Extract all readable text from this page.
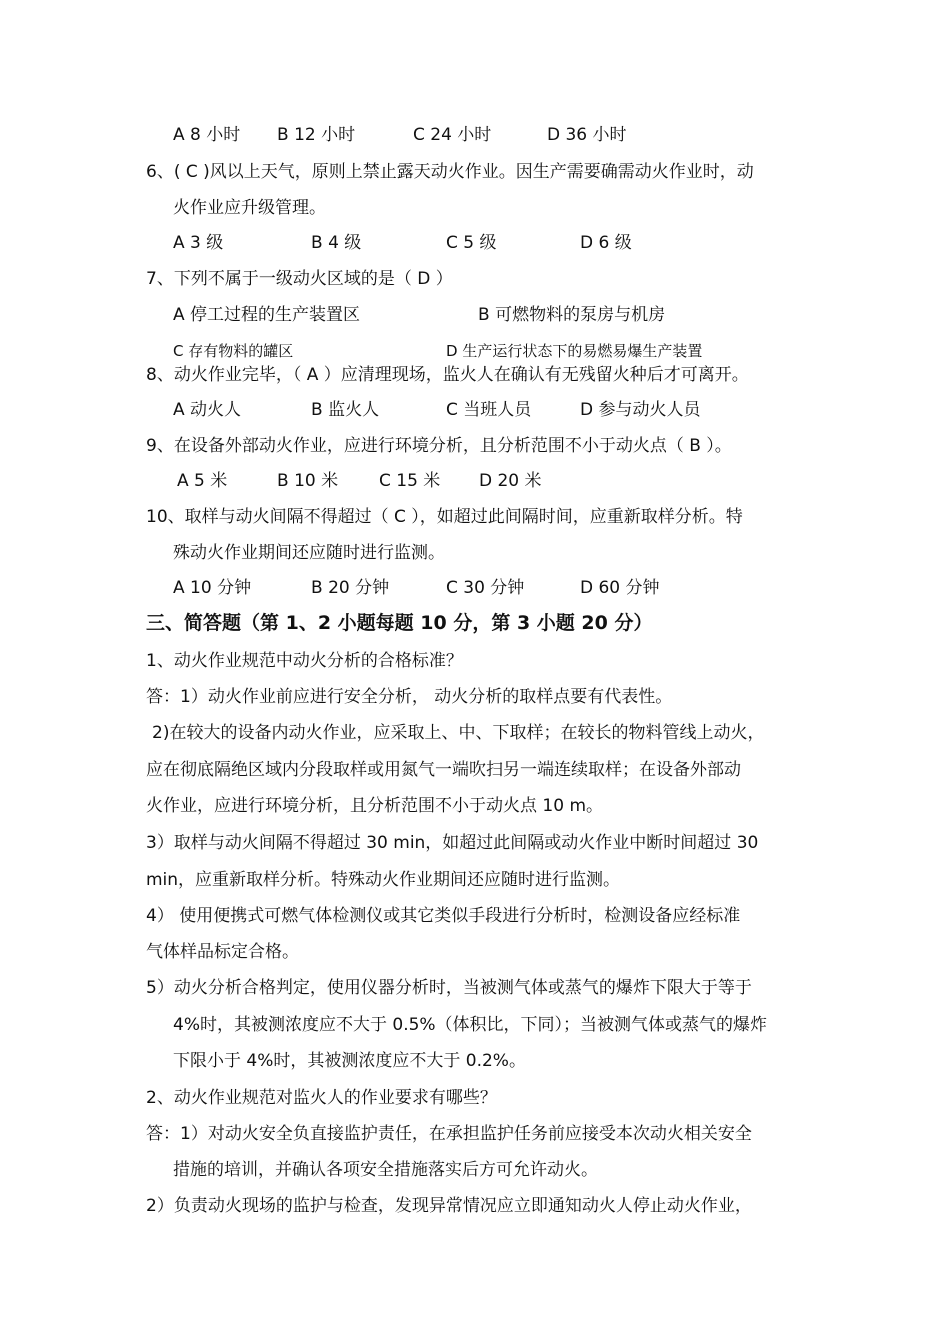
A 8 小时 B 12 小时	C 24 小时	D 36 小时
6、( C )风以上天气，原则上禁止露天动火作业。因生产需要确需动火作业时，动
火作业应升级管理。
A 3 级	B 4 级	C 5 级	D 6 级
7、下列不属于一级动火区域的是（ D ）
A 停工过程的生产装置区	B 可燃物料的泵房与机房
C 存有物料的罐区	D 生产运行状态下的易燃易爆生产装置
8、动火作业完毕，（ A ）应清理现场，监火人在确认有无残留火种后才可离开。
A 动火人	B 监火人	C 当班人员	D 参与动火人员
9、在设备外部动火作业，应进行环境分析，且分析范围不小于动火点（ B ）。
A 5 米	B 10 米 C 15 米 D 20 米
10、取样与动火间隔不得超过（ C ），如超过此间隔时间，应重新取样分析。特
殊动火作业期间还应随时进行监测。
A 10 分钟	B 20 分钟	C 30 分钟	D 60 分钟
三、简答题（第 1、2 小题每题 10 分，第 3 小题 20 分）
1、动火作业规范中动火分析的合格标准？
答：1）动火作业前应进行安全分析， 动火分析的取样点要有代表性。
2)在较大的设备内动火作业，应采取上、中、下取样；在较长的物料管线上动火，
应在彻底隔绝区域内分段取样或用氮气一端吹扫另一端连续取样；在设备外部动
火作业，应进行环境分析，且分析范围不小于动火点 10 m。
3）取样与动火间隔不得超过 30 min，如超过此间隔或动火作业中断时间超过 30
min，应重新取样分析。特殊动火作业期间还应随时进行监测。
4） 使用便携式可燃气体检测仪或其它类似手段进行分析时，检测设备应经标准
气体样品标定合格。
5）动火分析合格判定，使用仪器分析时，当被测气体或蒸气的爆炸下限大于等于
4%时，其被测浓度应不大于 0.5%（体积比，下同）；当被测气体或蒸气的爆炸
下限小于 4%时，其被测浓度应不大于 0.2%。
2、动火作业规范对监火人的作业要求有哪些？
答：1）对动火安全负直接监护责任，在承担监护任务前应接受本次动火相关安全
措施的培训，并确认各项安全措施落实后方可允许动火。
2）负责动火现场的监护与检查，发现异常情况应立即通知动火人停止动火作业，
